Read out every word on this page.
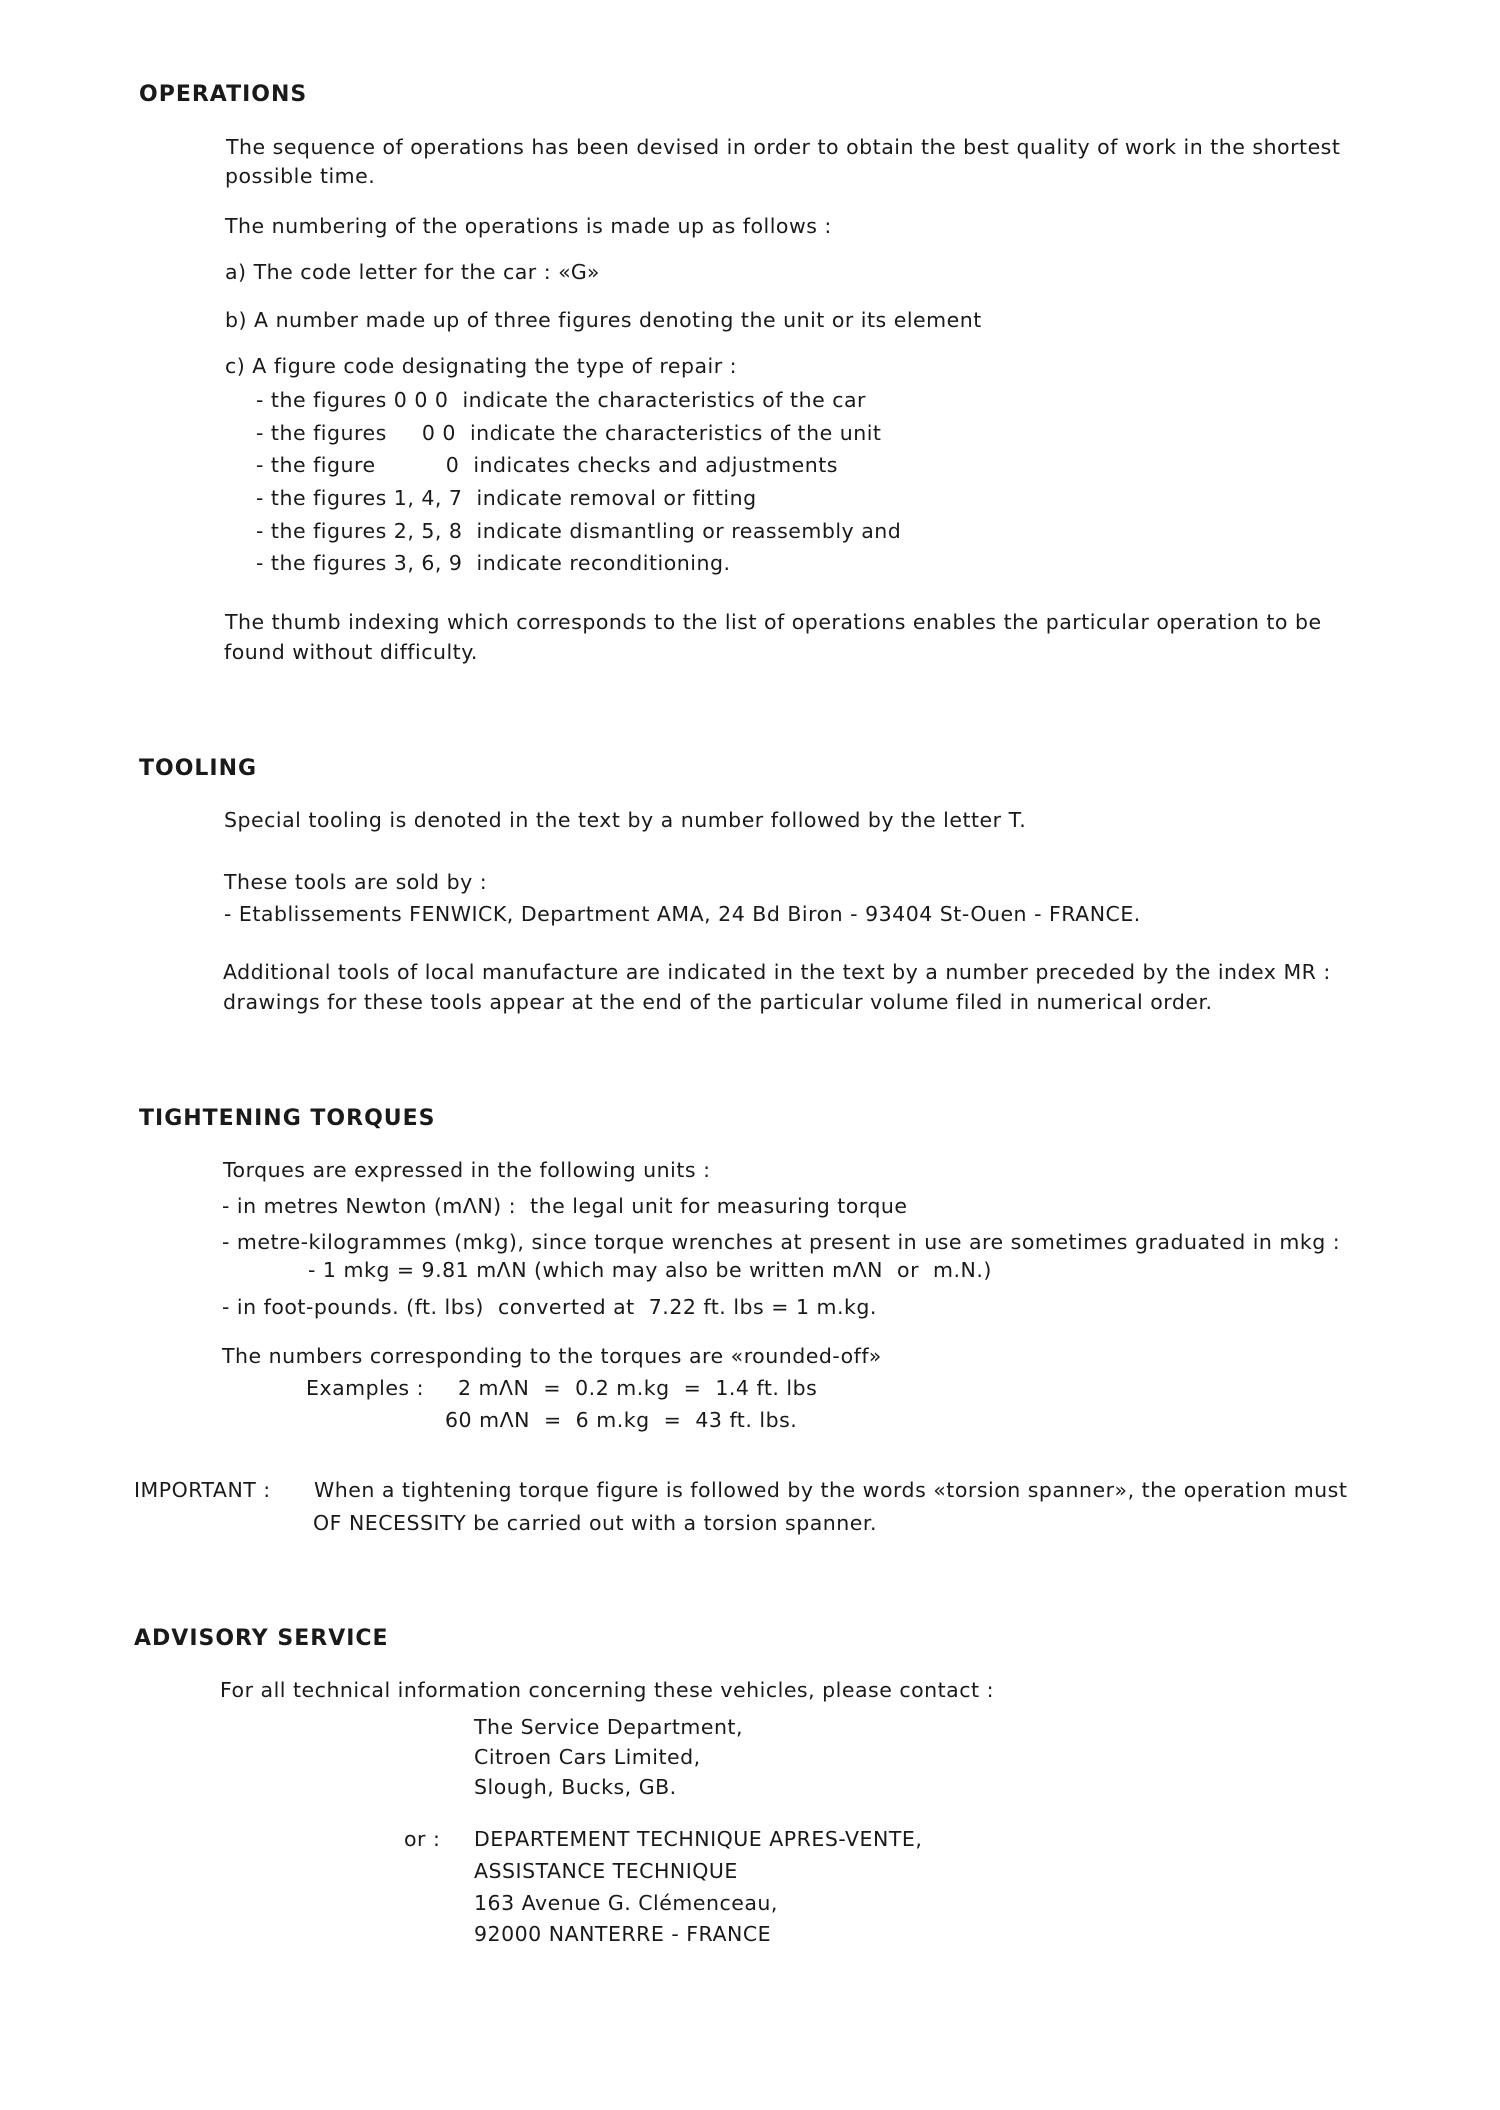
OPERATIONS
The sequence of operations has been devised in order to obtain the best quality of work in the shortest
possible time.
The numbering of the operations is made up as follows :
a) The code letter for the car : «G»
b) A number made up of three figures denoting the unit or its element
c) A figure code designating the type of repair :
- the figures 0 0 0  indicate the characteristics of the car
- the figures     0 0  indicate the characteristics of the unit
- the figure          0  indicates checks and adjustments
- the figures 1, 4, 7  indicate removal or fitting
- the figures 2, 5, 8  indicate dismantling or reassembly and
- the figures 3, 6, 9  indicate reconditioning.
The thumb indexing which corresponds to the list of operations enables the particular operation to be
found without difficulty.
TOOLING
Special tooling is denoted in the text by a number followed by the letter T.
These tools are sold by :
- Etablissements FENWICK, Department AMA, 24 Bd Biron - 93404 St-Ouen - FRANCE.
Additional tools of local manufacture are indicated in the text by a number preceded by the index MR :
drawings for these tools appear at the end of the particular volume filed in numerical order.
TIGHTENING TORQUES
Torques are expressed in the following units :
- in metres Newton (mΛN) :  the legal unit for measuring torque
- metre-kilogrammes (mkg), since torque wrenches at present in use are sometimes graduated in mkg :
- 1 mkg = 9.81 mΛN (which may also be written mΛN  or  m.N.)
- in foot-pounds. (ft. lbs)  converted at  7.22 ft. lbs = 1 m.kg.
The numbers corresponding to the torques are «rounded-off»
Examples : 2 mΛN  =  0.2 m.kg  =  1.4 ft. lbs
60 mΛN  =  6 m.kg  =  43 ft. lbs.
IMPORTANT : When a tightening torque figure is followed by the words «torsion spanner», the operation must
OF NECESSITY be carried out with a torsion spanner.
ADVISORY SERVICE
For all technical information concerning these vehicles, please contact :
The Service Department,
Citroen Cars Limited,
Slough, Bucks, GB.
or : DEPARTEMENT TECHNIQUE APRES-VENTE,
ASSISTANCE TECHNIQUE
163 Avenue G. Clémenceau,
92000 NANTERRE - FRANCE
